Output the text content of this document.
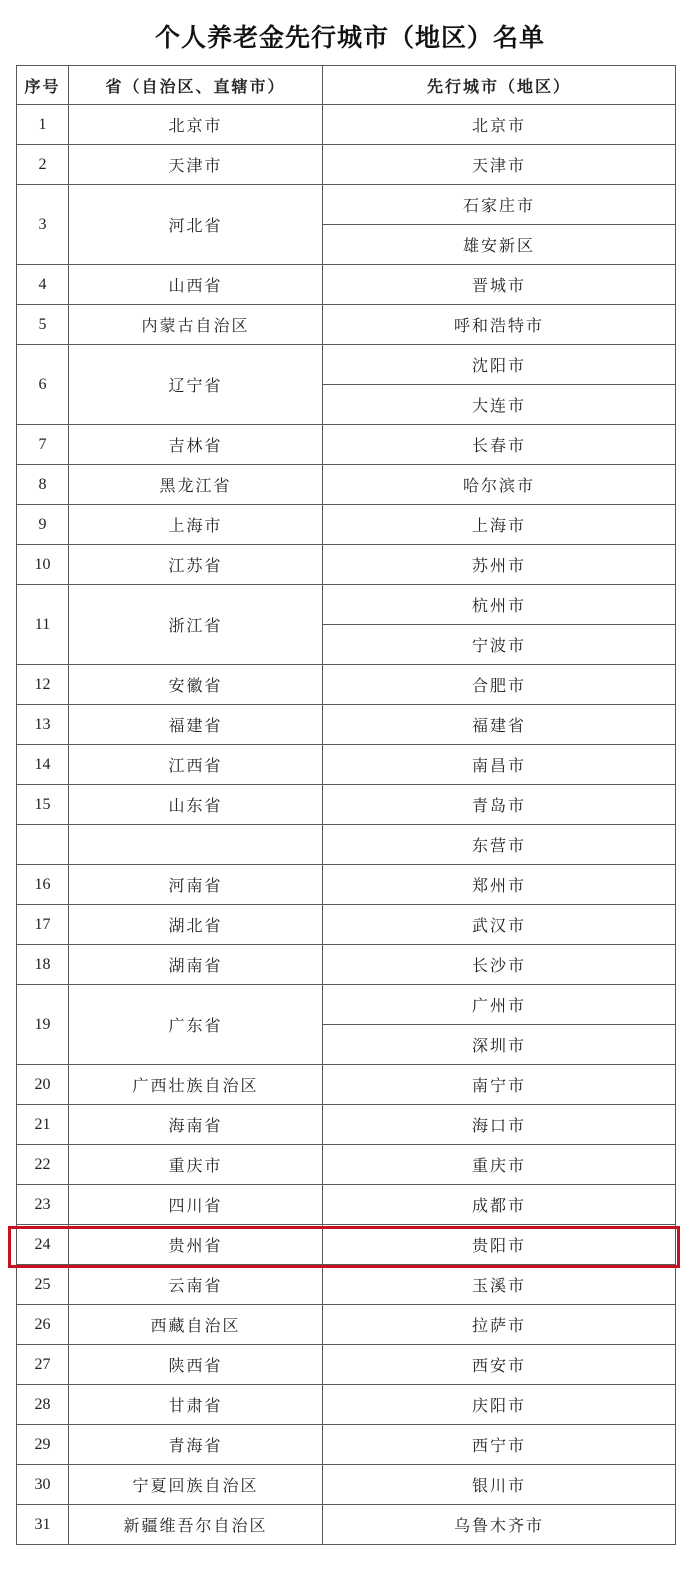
个人养老金先行城市（地区）名单
序号	省（自治区、直辖市）	先行城市（地区）
1	北京市	北京市
2	天津市	天津市
3	河北省	石家庄市
		雄安新区
4	山西省	晋城市
5	内蒙古自治区	呼和浩特市
6	辽宁省	沈阳市
		大连市
7	吉林省	长春市
8	黑龙江省	哈尔滨市
9	上海市	上海市
10	江苏省	苏州市
11	浙江省	杭州市
		宁波市
12	安徽省	合肥市
13	福建省	福建省
14	江西省	南昌市
15	山东省	青岛市
		东营市
16	河南省	郑州市
17	湖北省	武汉市
18	湖南省	长沙市
19	广东省	广州市
		深圳市
20	广西壮族自治区	南宁市
21	海南省	海口市
22	重庆市	重庆市
23	四川省	成都市
24	贵州省	贵阳市
25	云南省	玉溪市
26	西藏自治区	拉萨市
27	陕西省	西安市
28	甘肃省	庆阳市
29	青海省	西宁市
30	宁夏回族自治区	银川市
31	新疆维吾尔自治区	乌鲁木齐市
